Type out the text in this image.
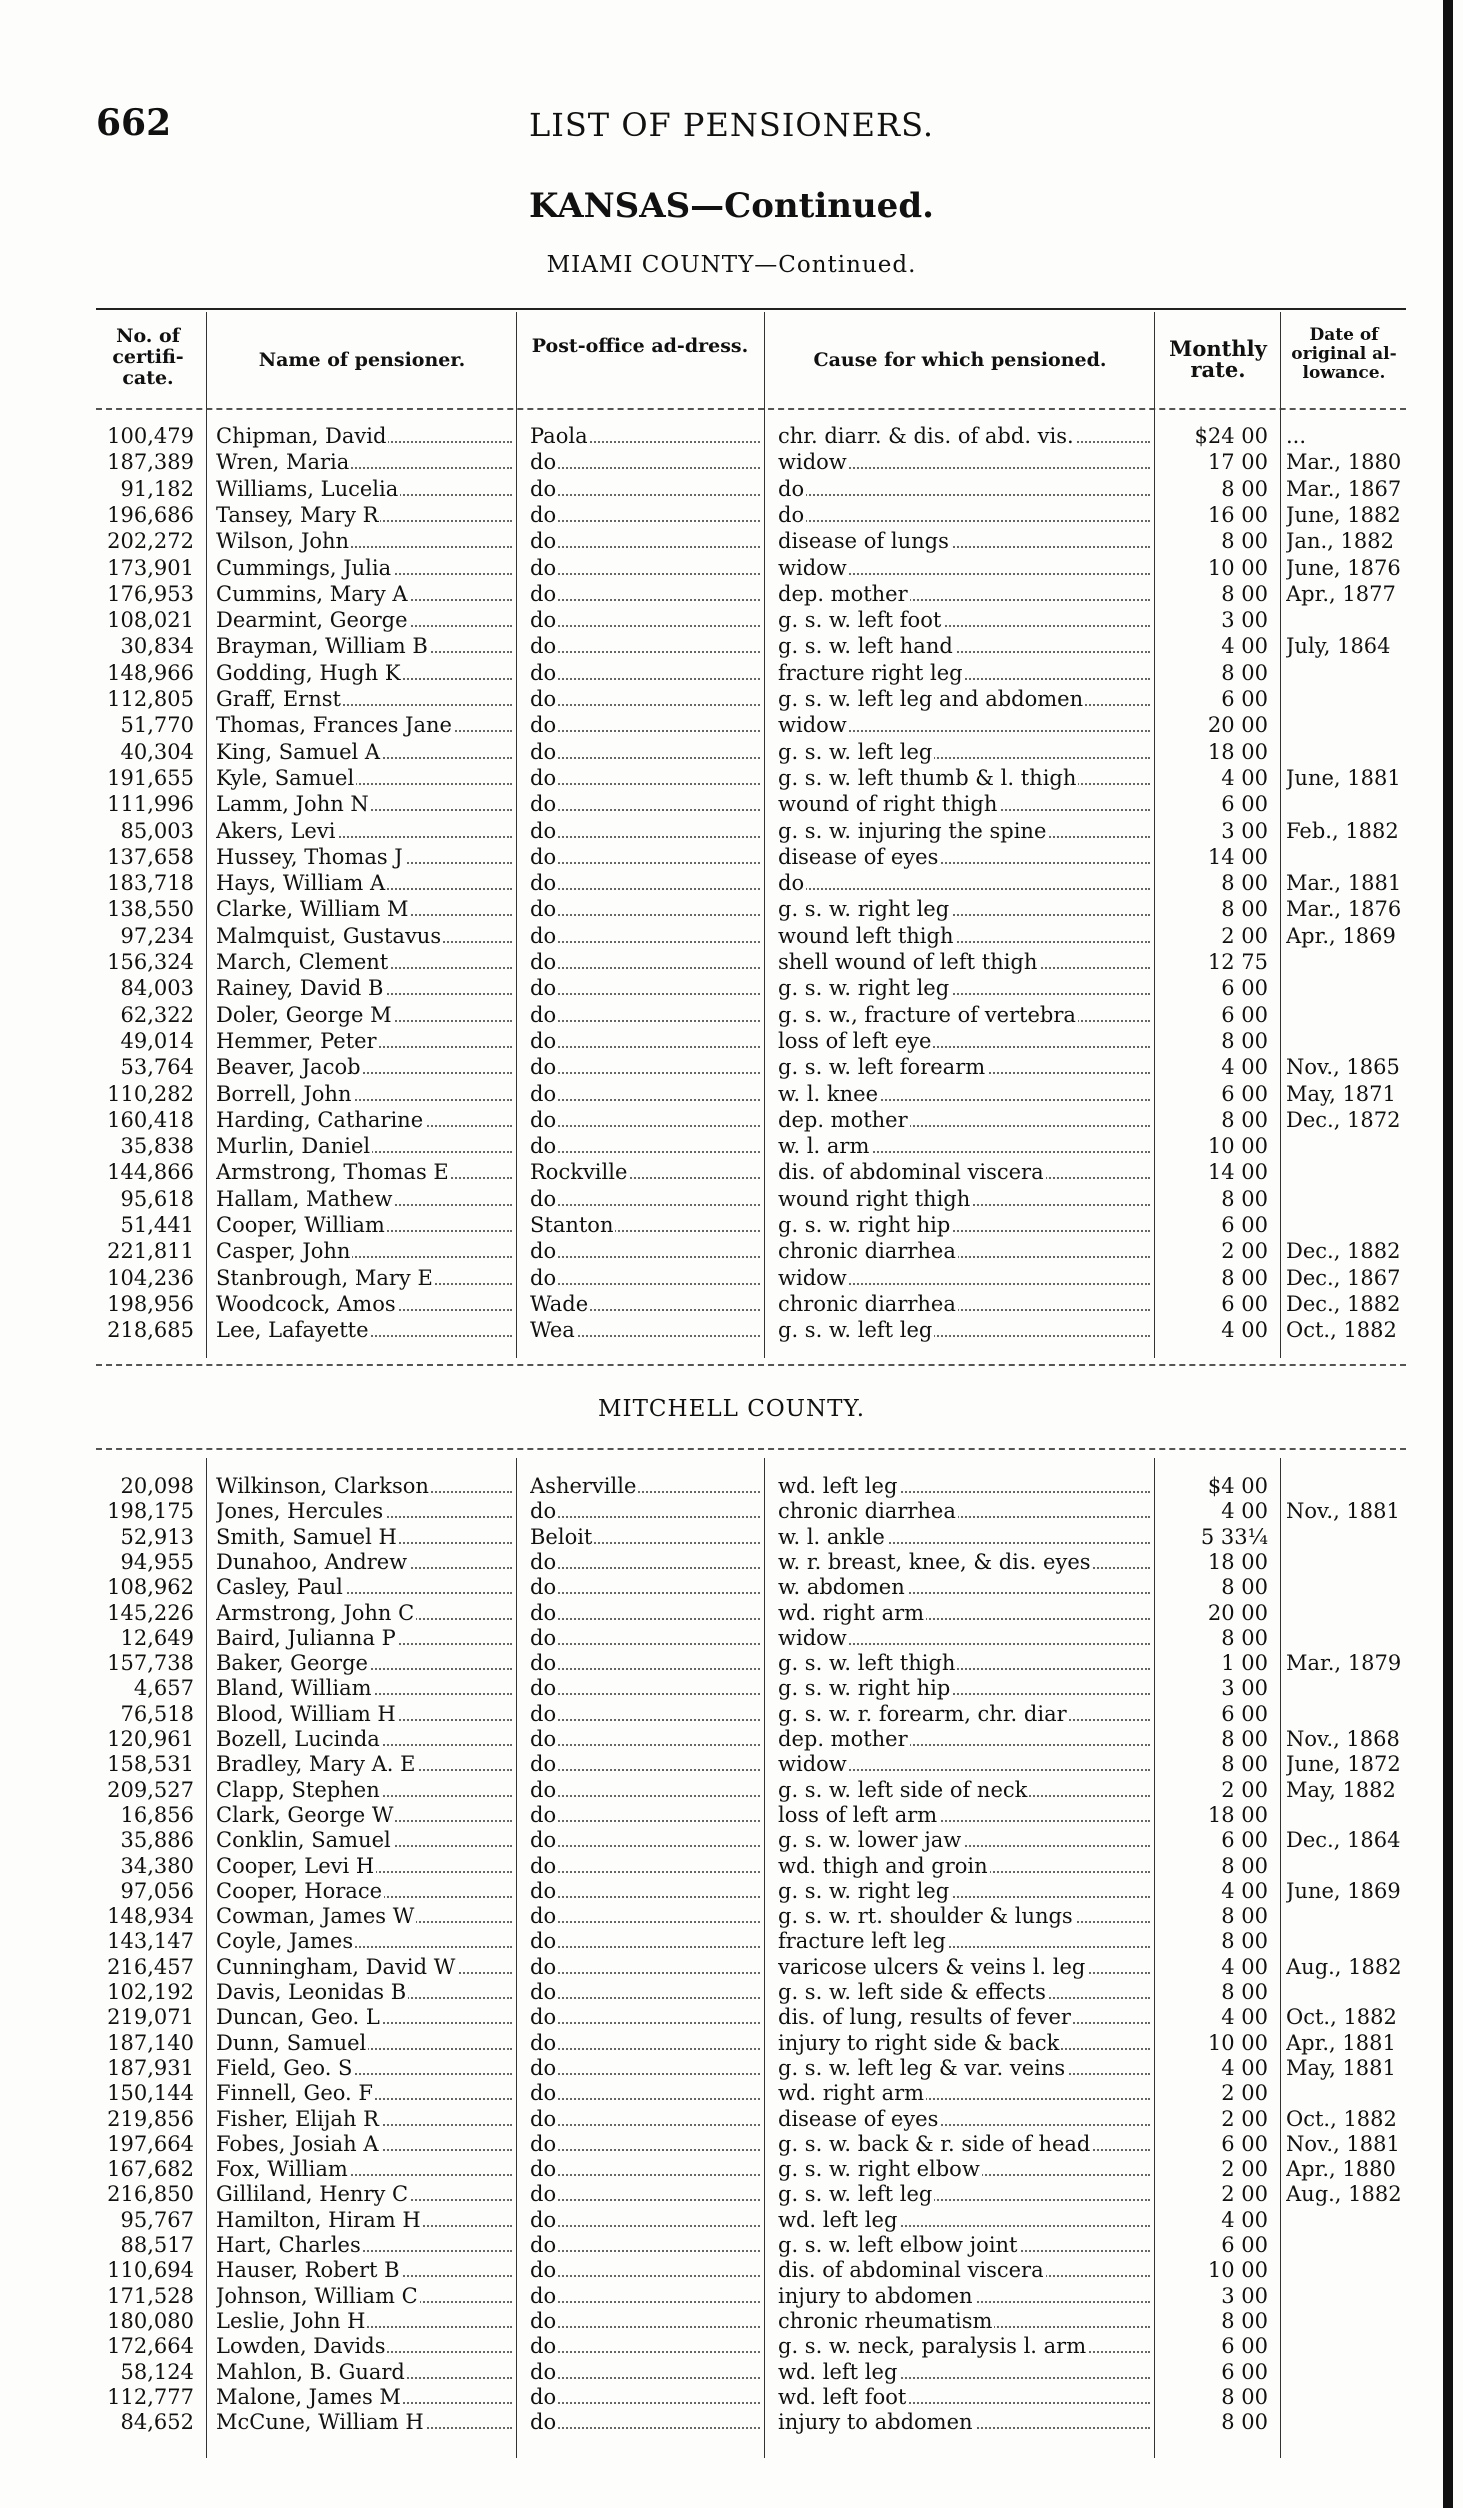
662	LIST OF PENSIONERS.
KANSAS—Continued.
MIAMI COUNTY—Continued.
No. of certifi-cate.
Name of pensioner.
Post-office ad-dress.
Cause for which pensioned.	Monthly rate.
Date of original al-lowance.
100,479 Chipman, David	Paola	chr. diarr. & dis. of abd. vis.	$24 00 ...
187,389 Wren, Maria	do	widow	17 00 Mar., 1880
91,182 Williams, Lucelia	do	do	8 00 Mar., 1867
196,686 Tansey, Mary R	do	do	16 00 June, 1882
202,272 Wilson, John	do	disease of lungs	8 00 Jan., 1882
173,901 Cummings, Julia	do	widow	10 00 June, 1876
176,953 Cummins, Mary A	do	dep. mother	8 00 Apr., 1877
108,021 Dearmint, George	do	g. s. w. left foot	3 00
30,834 Brayman, William B	do	g. s. w. left hand	4 00 July, 1864
148,966 Godding, Hugh K	do	fracture right leg	8 00
112,805 Graff, Ernst	do	g. s. w. left leg and abdomen	6 00
51,770 Thomas, Frances Jane	do	widow	20 00
40,304 King, Samuel A	do	g. s. w. left leg	18 00
191,655 Kyle, Samuel	do	g. s. w. left thumb & l. thigh	4 00 June, 1881
111,996 Lamm, John N	do	wound of right thigh	6 00
85,003 Akers, Levi	do	g. s. w. injuring the spine	3 00 Feb., 1882
137,658 Hussey, Thomas J	do	disease of eyes	14 00
183,718 Hays, William A	do	do	8 00 Mar., 1881
138,550 Clarke, William M	do	g. s. w. right leg	8 00 Mar., 1876
97,234 Malmquist, Gustavus	do	wound left thigh	2 00 Apr., 1869
156,324 March, Clement	do	shell wound of left thigh	12 75
84,003 Rainey, David B	do	g. s. w. right leg	6 00
62,322 Doler, George M	do	g. s. w., fracture of vertebra	6 00
49,014 Hemmer, Peter	do	loss of left eye	8 00
53,764 Beaver, Jacob	do	g. s. w. left forearm	4 00 Nov., 1865
110,282 Borrell, John	do	w. l. knee	6 00 May, 1871
160,418 Harding, Catharine	do	dep. mother	8 00 Dec., 1872
35,838 Murlin, Daniel	do	w. l. arm	10 00
144,866 Armstrong, Thomas E	Rockville	dis. of abdominal viscera	14 00
95,618 Hallam, Mathew	do	wound right thigh	8 00
51,441 Cooper, William	Stanton	g. s. w. right hip	6 00
221,811 Casper, John	do	chronic diarrhea	2 00 Dec., 1882
104,236 Stanbrough, Mary E	do	widow	8 00 Dec., 1867
198,956 Woodcock, Amos	Wade	chronic diarrhea	6 00 Dec., 1882
218,685 Lee, Lafayette	Wea	g. s. w. left leg	4 00 Oct., 1882
MITCHELL COUNTY.
20,098 Wilkinson, Clarkson	Asherville	wd. left leg	$4 00
198,175 Jones, Hercules	do	chronic diarrhea	4 00 Nov., 1881
52,913 Smith, Samuel H	Beloit	w. l. ankle	5 33¼
94,955 Dunahoo, Andrew	do	w. r. breast, knee, & dis. eyes	18 00
108,962 Casley, Paul	do	w. abdomen	8 00
145,226 Armstrong, John C	do	wd. right arm	20 00
12,649 Baird, Julianna P	do	widow	8 00
157,738 Baker, George	do	g. s. w. left thigh	1 00 Mar., 1879
4,657 Bland, William	do	g. s. w. right hip	3 00
76,518 Blood, William H	do	g. s. w. r. forearm, chr. diar	6 00
120,961 Bozell, Lucinda	do	dep. mother	8 00 Nov., 1868
158,531 Bradley, Mary A. E	do	widow	8 00 June, 1872
209,527 Clapp, Stephen	do	g. s. w. left side of neck	2 00 May, 1882
16,856 Clark, George W	do	loss of left arm	18 00
35,886 Conklin, Samuel	do	g. s. w. lower jaw	6 00 Dec., 1864
34,380 Cooper, Levi H	do	wd. thigh and groin	8 00
97,056 Cooper, Horace	do	g. s. w. right leg	4 00 June, 1869
148,934 Cowman, James W	do	g. s. w. rt. shoulder & lungs	8 00
143,147 Coyle, James	do	fracture left leg	8 00
216,457 Cunningham, David W	do	varicose ulcers & veins l. leg	4 00 Aug., 1882
102,192 Davis, Leonidas B	do	g. s. w. left side & effects	8 00
219,071 Duncan, Geo. L	do	dis. of lung, results of fever	4 00 Oct., 1882
187,140 Dunn, Samuel	do	injury to right side & back	10 00 Apr., 1881
187,931 Field, Geo. S	do	g. s. w. left leg & var. veins	4 00 May, 1881
150,144 Finnell, Geo. F	do	wd. right arm	2 00
219,856 Fisher, Elijah R	do	disease of eyes	2 00 Oct., 1882
197,664 Fobes, Josiah A	do	g. s. w. back & r. side of head	6 00 Nov., 1881
167,682 Fox, William	do	g. s. w. right elbow	2 00 Apr., 1880
216,850 Gilliland, Henry C	do	g. s. w. left leg	2 00 Aug., 1882
95,767 Hamilton, Hiram H	do	wd. left leg	4 00
88,517 Hart, Charles	do	g. s. w. left elbow joint	6 00
110,694 Hauser, Robert B	do	dis. of abdominal viscera	10 00
171,528 Johnson, William C	do	injury to abdomen	3 00
180,080 Leslie, John H	do	chronic rheumatism	8 00
172,664 Lowden, Davids	do	g. s. w. neck, paralysis l. arm	6 00
58,124 Mahlon, B. Guard	do	wd. left leg	6 00
112,777 Malone, James M	do	wd. left foot	8 00
84,652 McCune, William H	do	injury to abdomen	8 00
